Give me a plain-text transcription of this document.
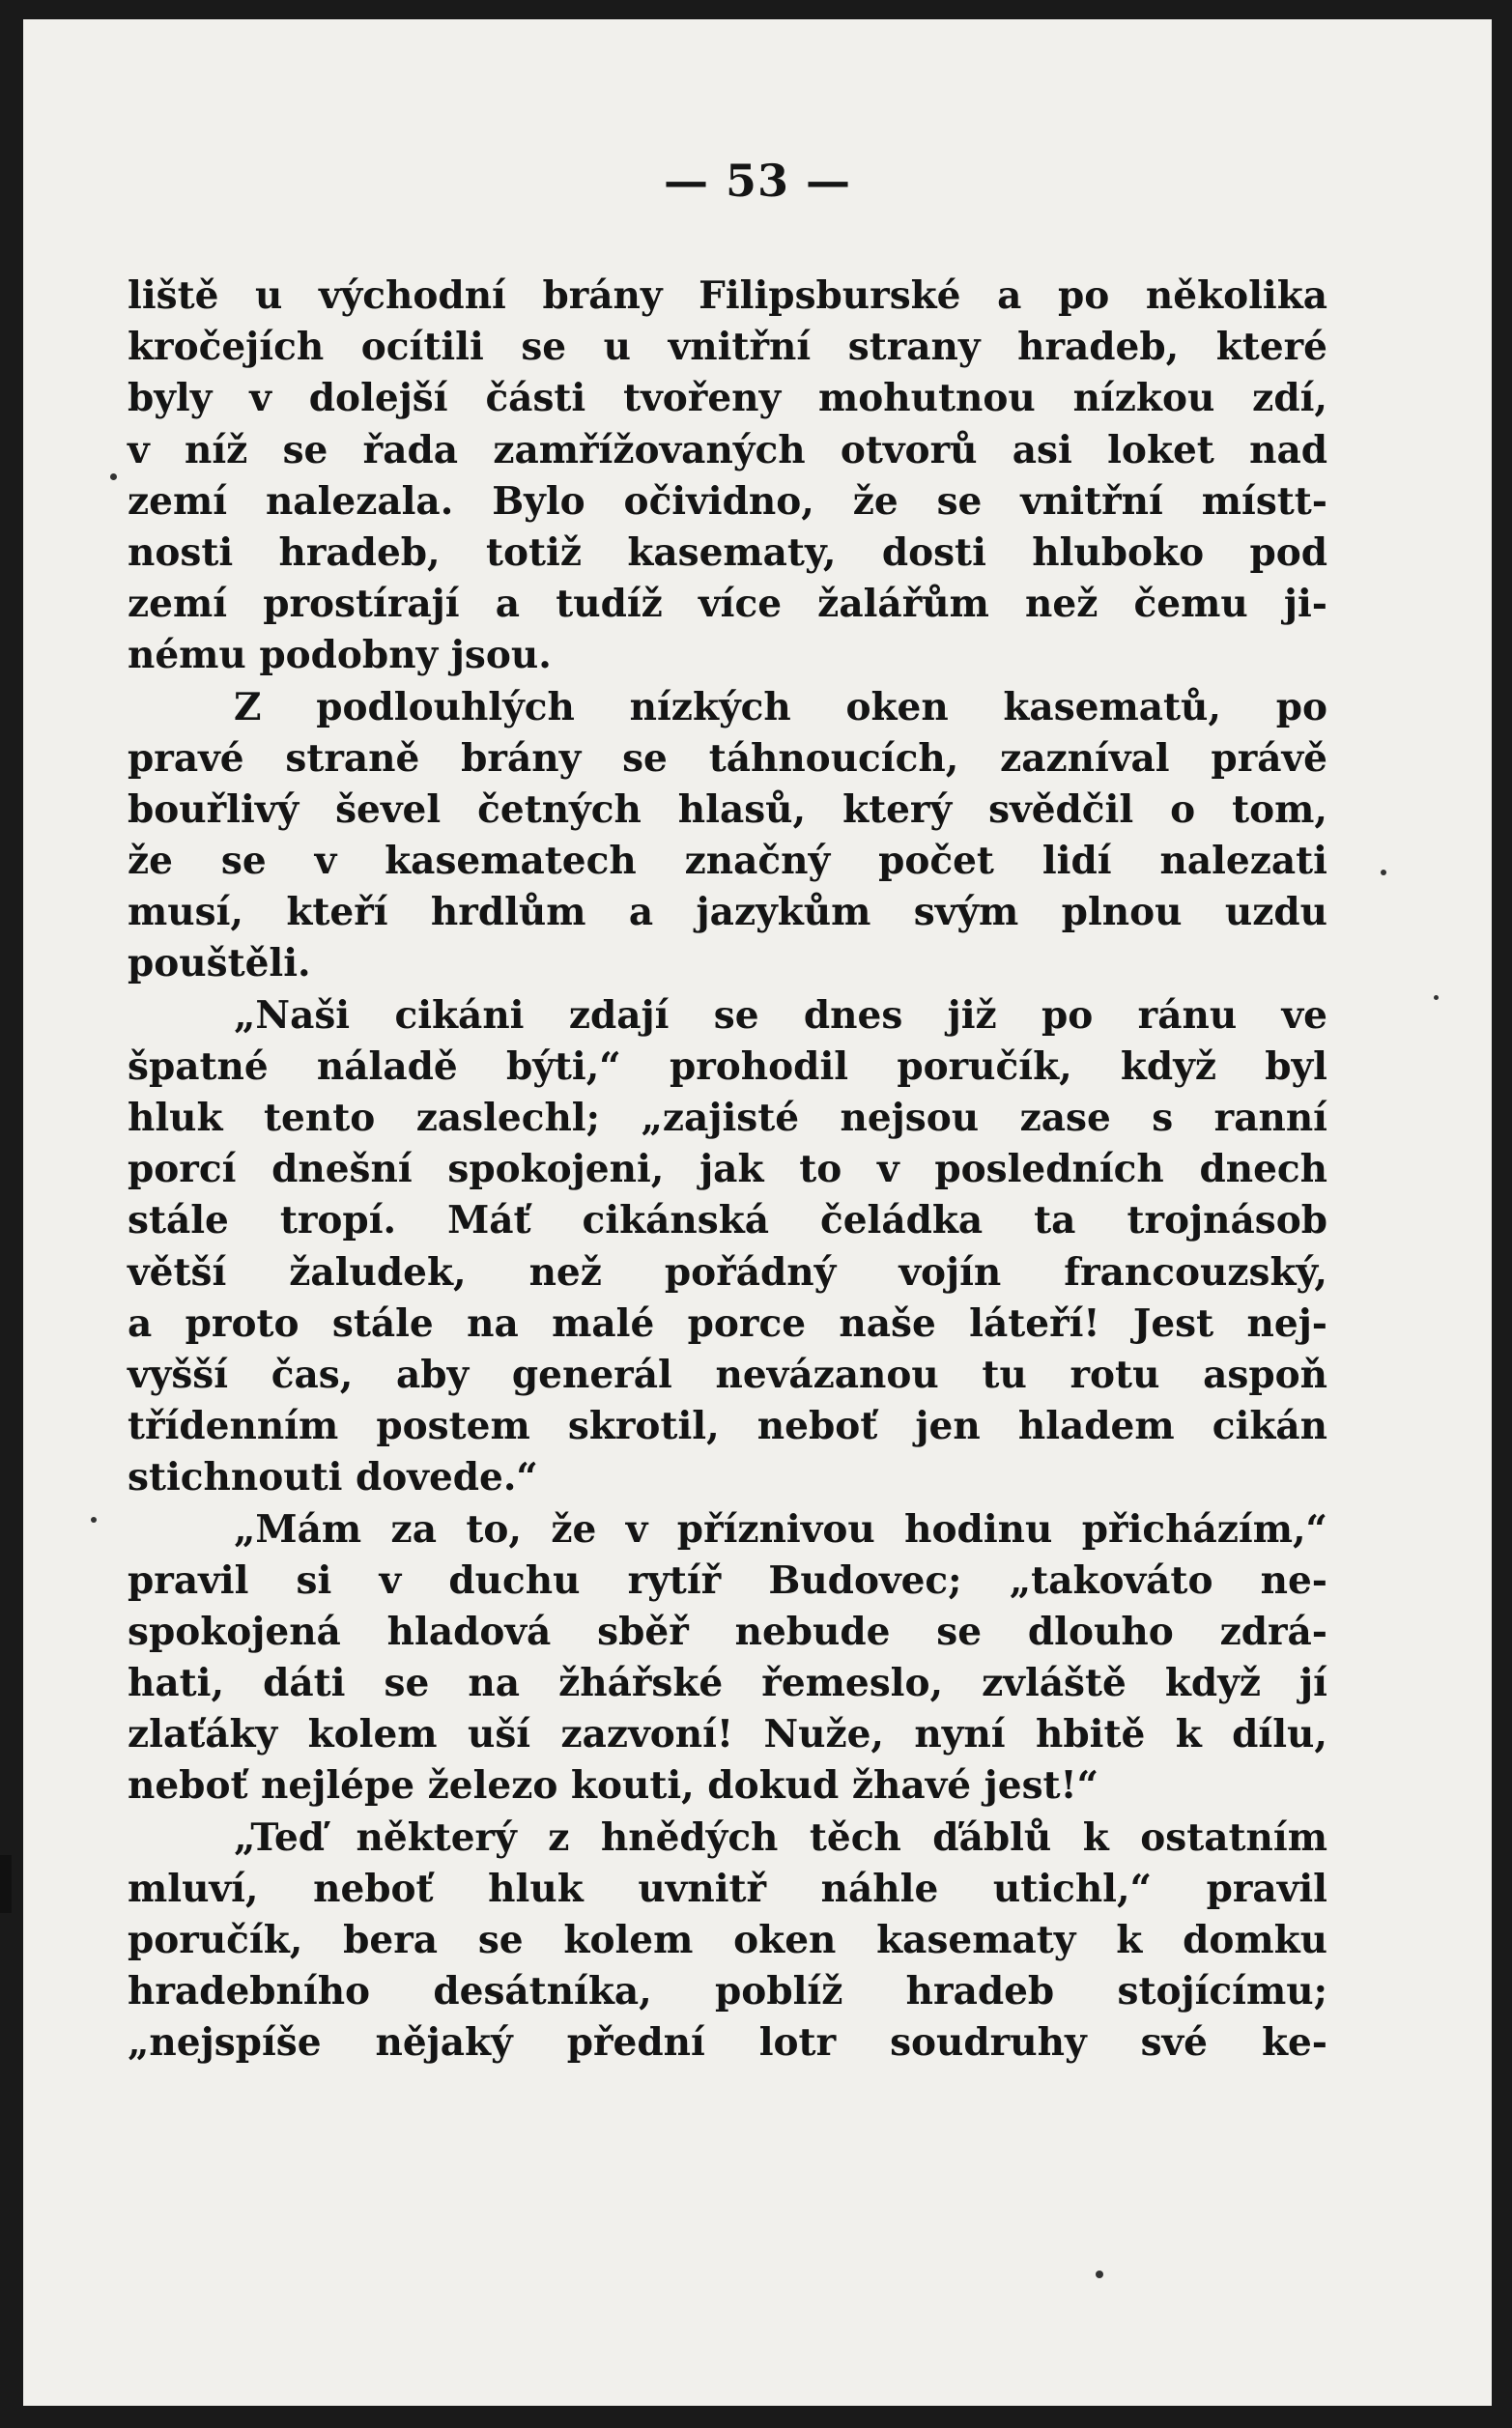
— 53 —
liště u východní brány Filipsburské a po několika
kročejích ocítili se u vnitřní strany hradeb, které
byly v dolejší části tvořeny mohutnou nízkou zdí,
v níž se řada zamřížovaných otvorů asi loket nad
zemí nalezala. Bylo očividno, že se vnitřní místt-
nosti hradeb, totiž kasematy, dosti hluboko pod
zemí prostírají a tudíž více žalářům než čemu ji-
nému podobny jsou.
Z podlouhlých nízkých oken kasematů, po
pravé straně brány se táhnoucích, zazníval právě
bouřlivý ševel četných hlasů, který svědčil o tom,
že se v kasematech značný počet lidí nalezati
musí, kteří hrdlům a jazykům svým plnou uzdu
pouštěli.
„Naši cikáni zdají se dnes již po ránu ve
špatné náladě býti,“ prohodil poručík, když byl
hluk tento zaslechl; „zajisté nejsou zase s ranní
porcí dnešní spokojeni, jak to v posledních dnech
stále tropí. Máť cikánská čeládka ta trojnásob
větší žaludek, než pořádný vojín francouzský,
a proto stále na malé porce naše láteří! Jest nej-
vyšší čas, aby generál nevázanou tu rotu aspoň
třídenním postem skrotil, neboť jen hladem cikán
stichnouti dovede.“
„Mám za to, že v příznivou hodinu přicházím,“
pravil si v duchu rytíř Budovec; „takováto ne-
spokojená hladová sběř nebude se dlouho zdrá-
hati, dáti se na žhářské řemeslo, zvláště když jí
zlaťáky kolem uší zazvoní! Nuže, nyní hbitě k dílu,
neboť nejlépe železo kouti, dokud žhavé jest!“
„Teď některý z hnědých těch ďáblů k ostatním
mluví, neboť hluk uvnitř náhle utichl,“ pravil
poručík, bera se kolem oken kasematy k domku
hradebního desátníka, poblíž hradeb stojícímu;
„nejspíše nějaký přední lotr soudruhy své ke-
